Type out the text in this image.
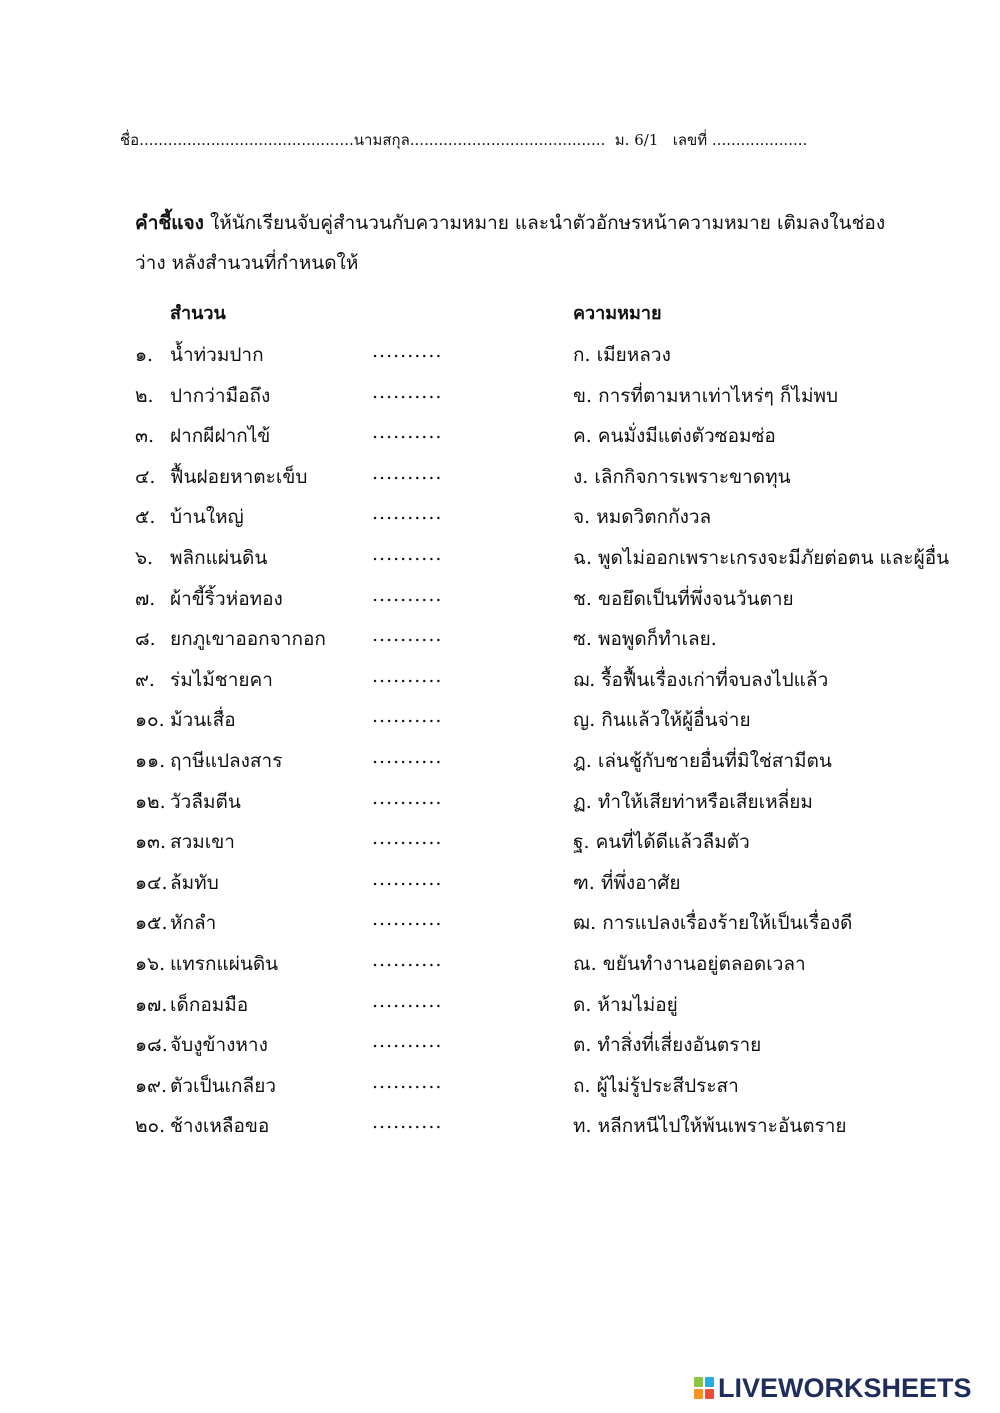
ชื่อ.............................................นามสกุล......................................... ม. 6/1 เลขที่ ....................
คำชี้แจง ให้นักเรียนจับคู่สำนวนกับความหมาย และนำตัวอักษรหน้าความหมาย เติมลงในช่องว่าง หลังสำนวนที่กำหนดให้
สำนวน	ความหมาย
๑. น้ำท่วมปาก	..........	ก. เมียหลวง
๒. ปากว่ามือถึง	..........	ข. การที่ตามหาเท่าไหร่ๆ ก็ไม่พบ
๓. ฝากผีฝากไข้	..........	ค. คนมั่งมีแต่งตัวซอมซ่อ
๔. ฟื้นฝอยหาตะเข็บ	..........	ง. เลิกกิจการเพราะขาดทุน
๕. บ้านใหญ่	..........	จ. หมดวิตกกังวล
๖. พลิกแผ่นดิน	..........	ฉ. พูดไม่ออกเพราะเกรงจะมีภัยต่อตน และผู้อื่น
๗. ผ้าขี้ริ้วห่อทอง	..........	ช. ขอยึดเป็นที่พึ่งจนวันตาย
๘. ยกภูเขาออกจากอก ..........	ซ. พอพูดก็ทำเลย.
๙. ร่มไม้ชายคา	..........	ฌ. รื้อฟื้นเรื่องเก่าที่จบลงไปแล้ว
๑๐. ม้วนเสื่อ	..........	ญ. กินแล้วให้ผู้อื่นจ่าย
๑๑. ฤาษีแปลงสาร	..........	ฎ. เล่นชู้กับชายอื่นที่มิใช่สามีตน
๑๒. วัวลืมตีน	..........	ฏ. ทำให้เสียท่าหรือเสียเหลี่ยม
๑๓. สวมเขา	..........	ฐ. คนที่ได้ดีแล้วลืมตัว
๑๔. ล้มทับ	..........	ฑ. ที่พึ่งอาศัย
๑๕. หักลำ	..........	ฒ. การแปลงเรื่องร้ายให้เป็นเรื่องดี
๑๖. แทรกแผ่นดิน	..........	ณ. ขยันทำงานอยู่ตลอดเวลา
๑๗. เด็กอมมือ	..........	ด. ห้ามไม่อยู่
๑๘. จับงูข้างหาง	..........	ต. ทำสิ่งที่เสี่ยงอันตราย
๑๙. ตัวเป็นเกลียว	..........	ถ. ผู้ไม่รู้ประสีประสา
๒๐. ช้างเหลือขอ	..........	ท. หลีกหนีไปให้พ้นเพราะอันตราย
LIVEWORKSHEETS
